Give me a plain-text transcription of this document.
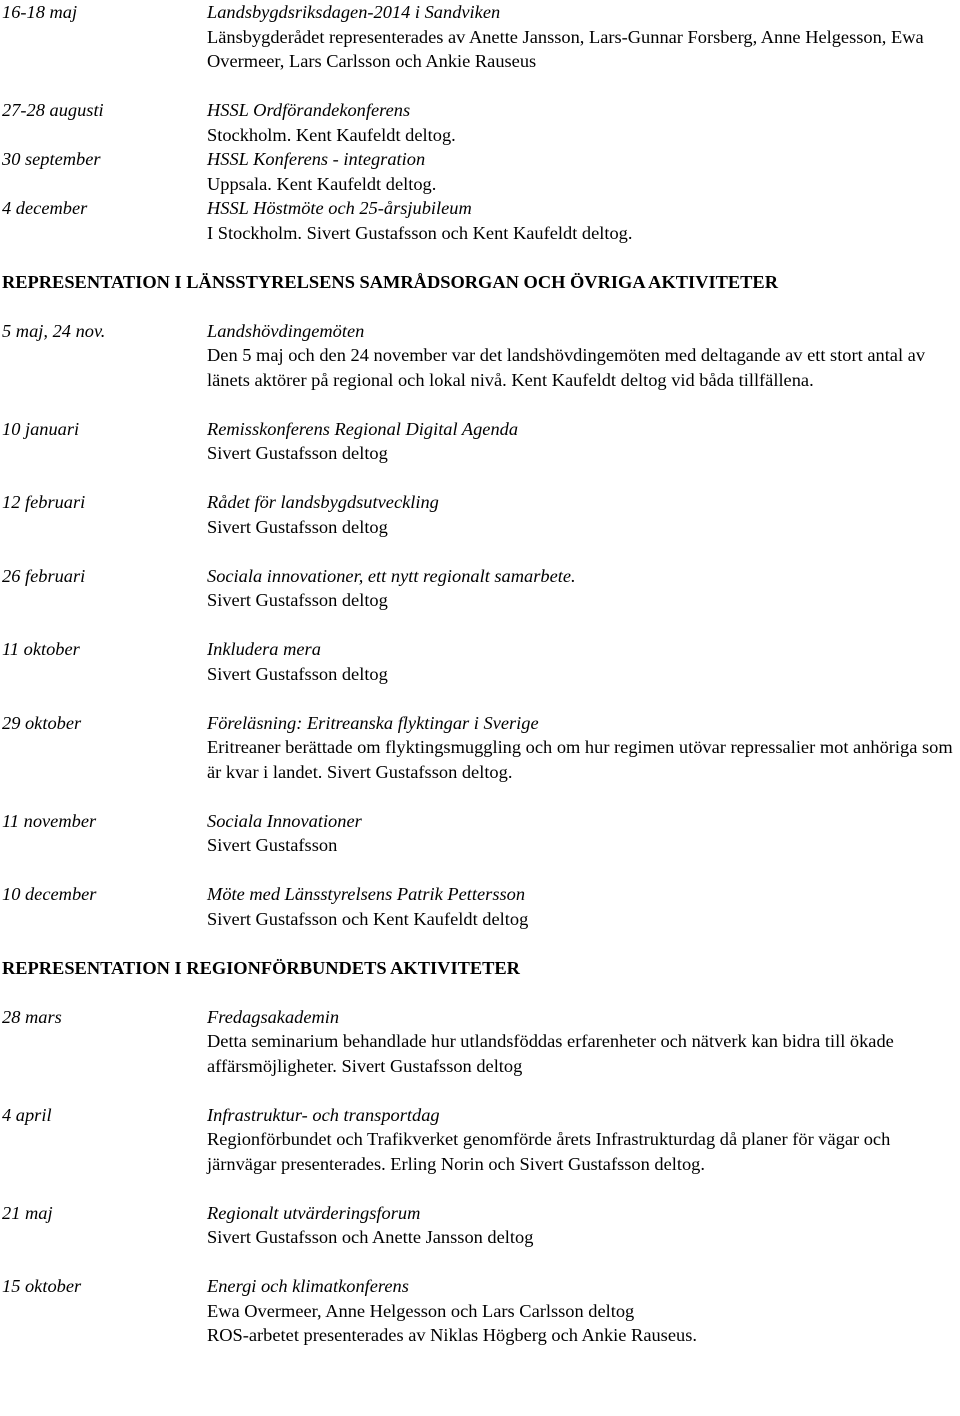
16-18 maj	Landsbygdsriksdagen-2014 i Sandviken
Länsbygderådet representerades av Anette Jansson, Lars-Gunnar Forsberg, Anne Helgesson, Ewa Overmeer, Lars Carlsson och Ankie Rauseus
27-28 augusti	HSSL Ordförandekonferens
Stockholm. Kent Kaufeldt deltog.
30 september	HSSL Konferens - integration
Uppsala. Kent Kaufeldt deltog.
4 december	HSSL Höstmöte och 25-årsjubileum
I Stockholm. Sivert Gustafsson och Kent Kaufeldt deltog.
REPRESENTATION I LÄNSSTYRELSENS SAMRÅDSORGAN OCH ÖVRIGA AKTIVITETER
5 maj, 24 nov.	Landshövdingemöten
Den 5 maj och den 24 november var det landshövdingemöten med deltagande av ett stort antal av länets aktörer på regional och lokal nivå. Kent Kaufeldt deltog vid båda tillfällena.
10 januari	Remisskonferens Regional Digital Agenda
Sivert Gustafsson deltog
12 februari	Rådet för landsbygdsutveckling
Sivert Gustafsson deltog
26 februari	Sociala innovationer, ett nytt regionalt samarbete.
Sivert Gustafsson deltog
11 oktober	Inkludera mera
Sivert Gustafsson deltog
29 oktober	Föreläsning: Eritreanska flyktingar i Sverige
Eritreaner berättade om flyktingsmuggling och om hur regimen utövar repressalier mot anhöriga som är kvar i landet. Sivert Gustafsson deltog.
11 november	Sociala Innovationer
Sivert Gustafsson
10 december	Möte med Länsstyrelsens Patrik Pettersson
Sivert Gustafsson och Kent Kaufeldt deltog
REPRESENTATION I REGIONFÖRBUNDETS AKTIVITETER
28 mars	Fredagsakademin
Detta seminarium behandlade hur utlandsföddas erfarenheter och nätverk kan bidra till ökade affärsmöjligheter. Sivert Gustafsson deltog
4 april	Infrastruktur- och transportdag
Regionförbundet och Trafikverket genomförde årets Infrastrukturdag då planer för vägar och järnvägar presenterades. Erling Norin och Sivert Gustafsson deltog.
21 maj	Regionalt utvärderingsforum
Sivert Gustafsson och Anette Jansson deltog
15 oktober	Energi och klimatkonferens
Ewa Overmeer, Anne Helgesson och Lars Carlsson deltog
ROS-arbetet presenterades av Niklas Högberg och Ankie Rauseus.
